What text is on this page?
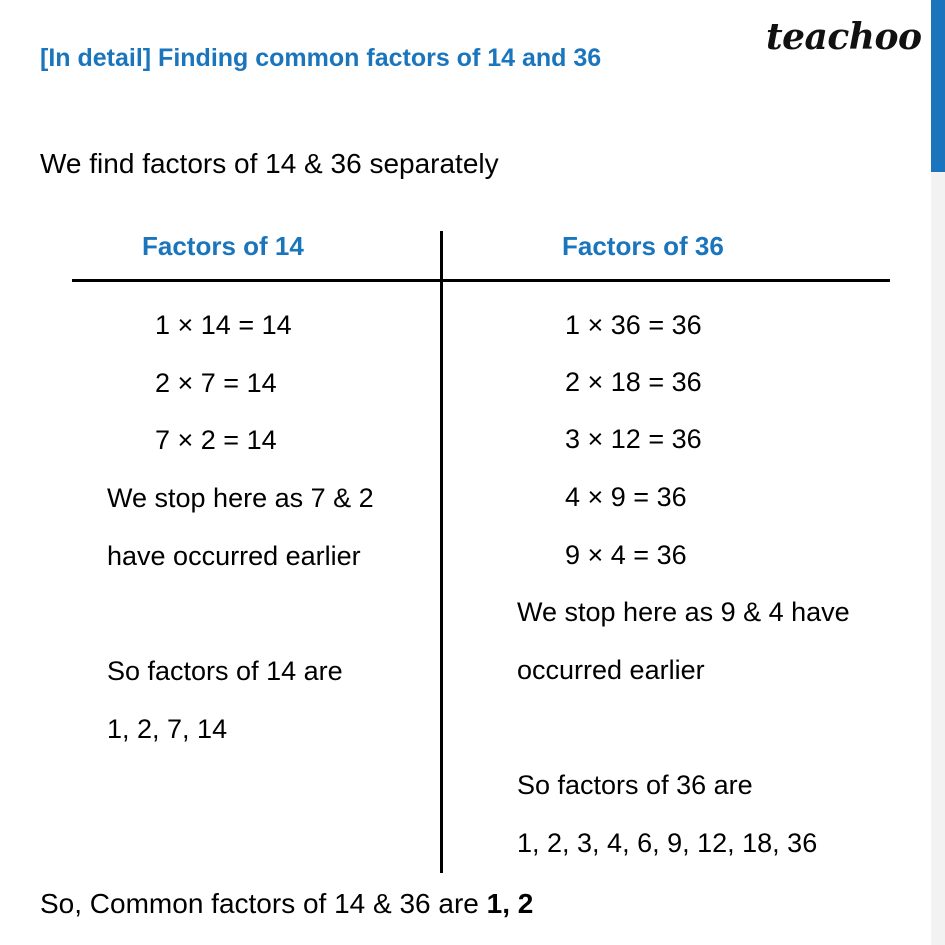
[In detail] Finding common factors of 14 and 36	teachoo
We find factors of 14 & 36 separately
Factors of 14	Factors of 36
1 × 14 = 14
2 × 7 = 14
7 × 2 = 14
We stop here as 7 & 2
have occurred earlier
So factors of 14 are
1, 2, 7, 14
1 × 36 = 36
2 × 18 = 36
3 × 12 = 36
4 × 9 = 36
9 × 4 = 36
We stop here as 9 & 4 have
occurred earlier
So factors of 36 are
1, 2, 3, 4, 6, 9, 12, 18, 36
So, Common factors of 14 & 36 are 1, 2
